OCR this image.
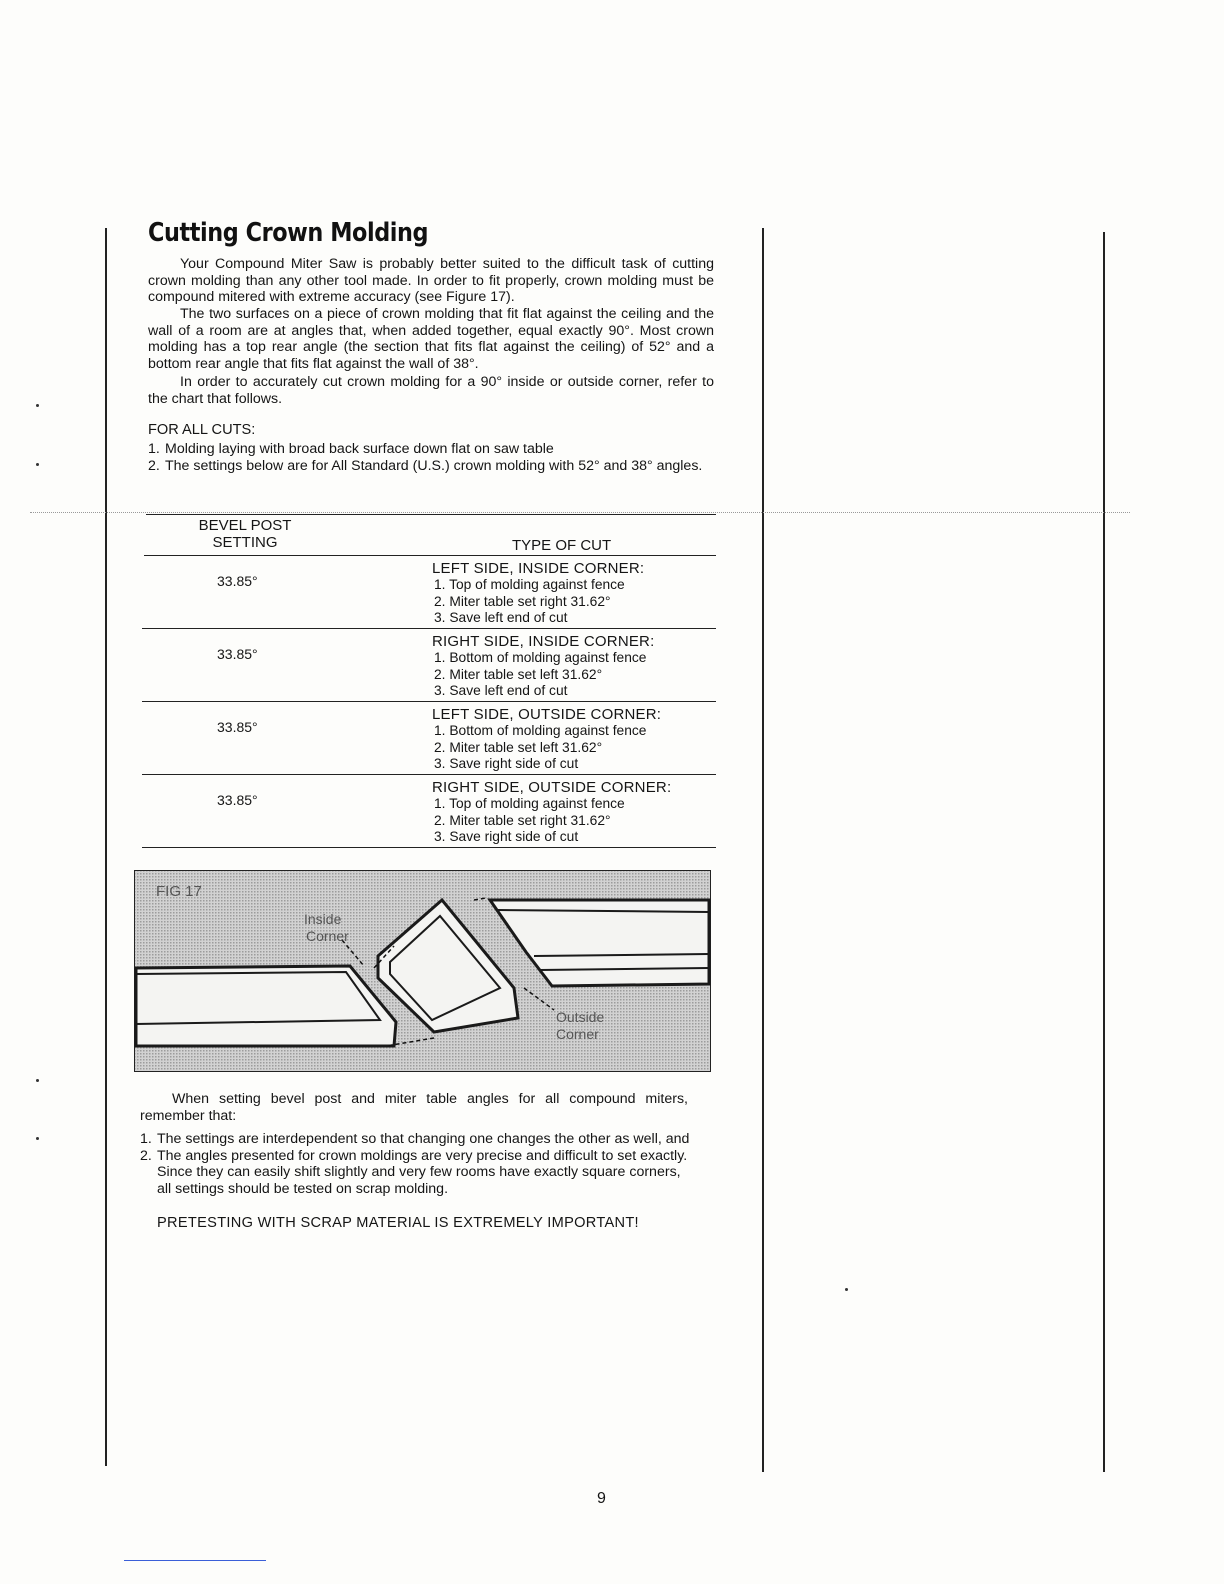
Cutting Crown Molding

Your Compound Miter Saw is probably better suited to the difficult task of cutting crown molding than any other tool made. In order to fit properly, crown molding must be compound mitered with extreme accuracy (see Figure 17).

The two surfaces on a piece of crown molding that fit flat against the ceiling and the wall of a room are at angles that, when added together, equal exactly 90°. Most crown molding has a top rear angle (the section that fits flat against the ceiling) of 52° and a bottom rear angle that fits flat against the wall of 38°.

In order to accurately cut crown molding for a 90° inside or outside corner, refer to the chart that follows.

FOR ALL CUTS:

1. Molding laying with broad back surface down flat on saw table
2. The settings below are for All Standard (U.S.) crown molding with 52° and 38° angles.
BEVEL POST SETTING	TYPE OF CUT
33.85°

LEFT SIDE, INSIDE CORNER:

1. Top of molding against fence
2. Miter table set right 31.62°
3. Save left end of cut
33.85°

RIGHT SIDE, INSIDE CORNER:

1. Bottom of molding against fence
2. Miter table set left 31.62°
3. Save left end of cut
33.85°

LEFT SIDE, OUTSIDE CORNER:

1. Bottom of molding against fence
2. Miter table set left 31.62°
3. Save right side of cut
33.85°

RIGHT SIDE, OUTSIDE CORNER:

1. Top of molding against fence
2. Miter table set right 31.62°
3. Save right side of cut
FIG 17
Inside
Corner
Outside
Corner

When setting bevel post and miter table angles for all compound miters, remember that:

1. The settings are interdependent so that changing one changes the other as well, and
2. The angles presented for crown moldings are very precise and difficult to set exactly. Since they can easily shift slightly and very few rooms have exactly square corners, all settings should be tested on scrap molding.

PRETESTING WITH SCRAP MATERIAL IS EXTREMELY IMPORTANT!

9
